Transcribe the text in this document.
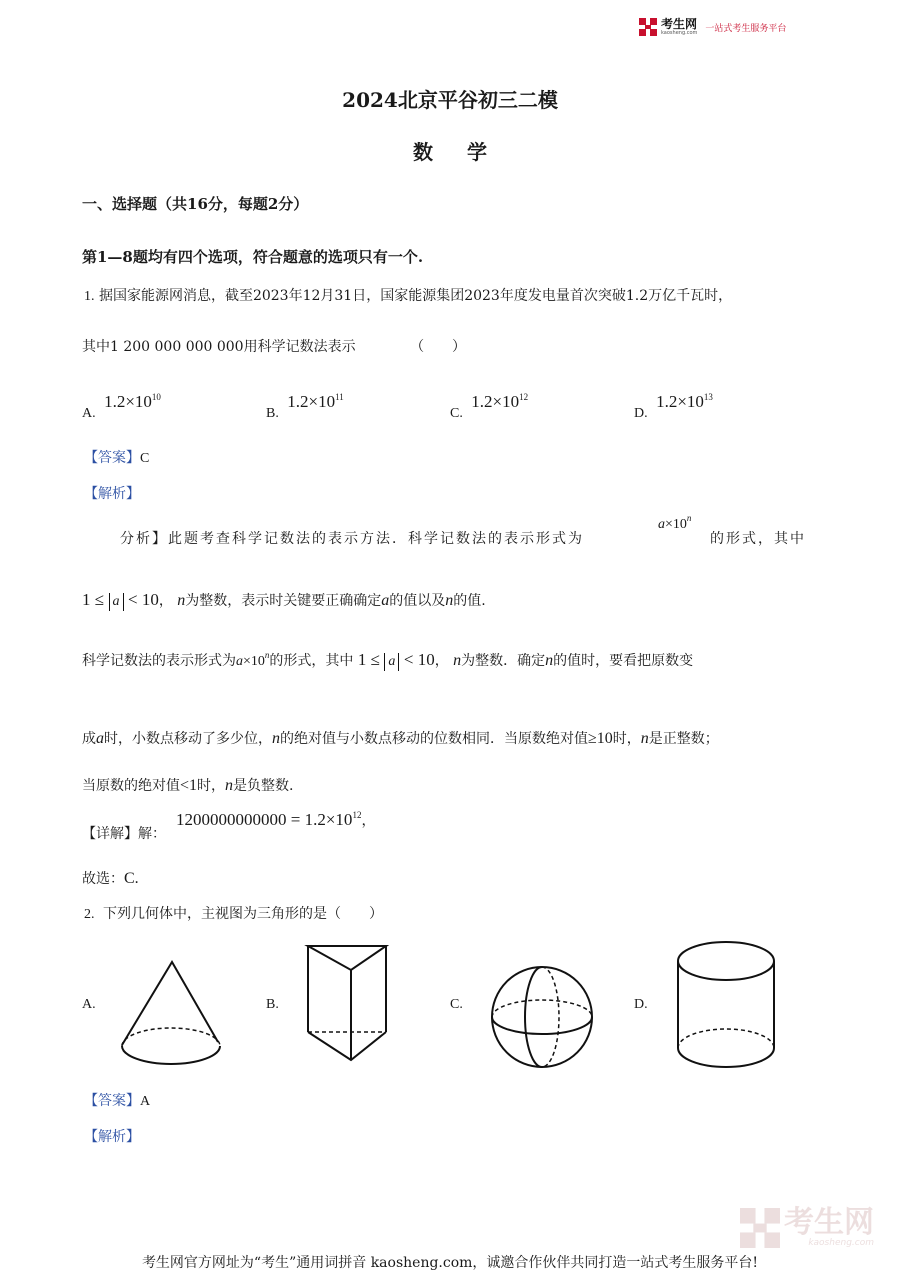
考生网
kaosheng.com 一站式考生服务平台
2024北京平谷初三二模
数学
一、选择题（共16分，每题2分）
第1—8题均有四个选项，符合题意的选项只有一个.
1. 据国家能源网消息，截至2023年12月31日，国家能源集团2023年度发电量首次突破1.2万亿千瓦时，
其中1 200 000 000 000用科学记数法表示	（　　）
A. $1.2\times 10^{10}$
B. $1.2\times 10^{11}$
C. $1.2\times 10^{12}$
D. $1.2\times 10^{13}$
【答案】C
【解析】
分析】此题考查科学记数法的表示方法．科学记数法的表示形式为
$a\times 10^n$
的形式，其中
1 ≤ a < 10， n为整数，表示时关键要正确确定a的值以及n的值.
科学记数法的表示形式为$a\times 10^n$的形式，其中 1 ≤ a < 10， n为整数．确定n的值时，要看把原数变
成a时，小数点移动了多少位，n的绝对值与小数点移动的位数相同．当原数绝对值≥10时，n是正整数；
当原数的绝对值<1时，n是负整数.
【详解】解：
$1200000000000 = 1.2\times 10^{12}$，
故选：C.
2. 下列几何体中，主视图为三角形的是（　　）
A.	B.	C.	D.
【答案】A
【解析】
考生网
kaosheng.com
考生网官方网址为“考生”通用词拼音 kaosheng.com，诚邀合作伙伴共同打造一站式考生服务平台!
